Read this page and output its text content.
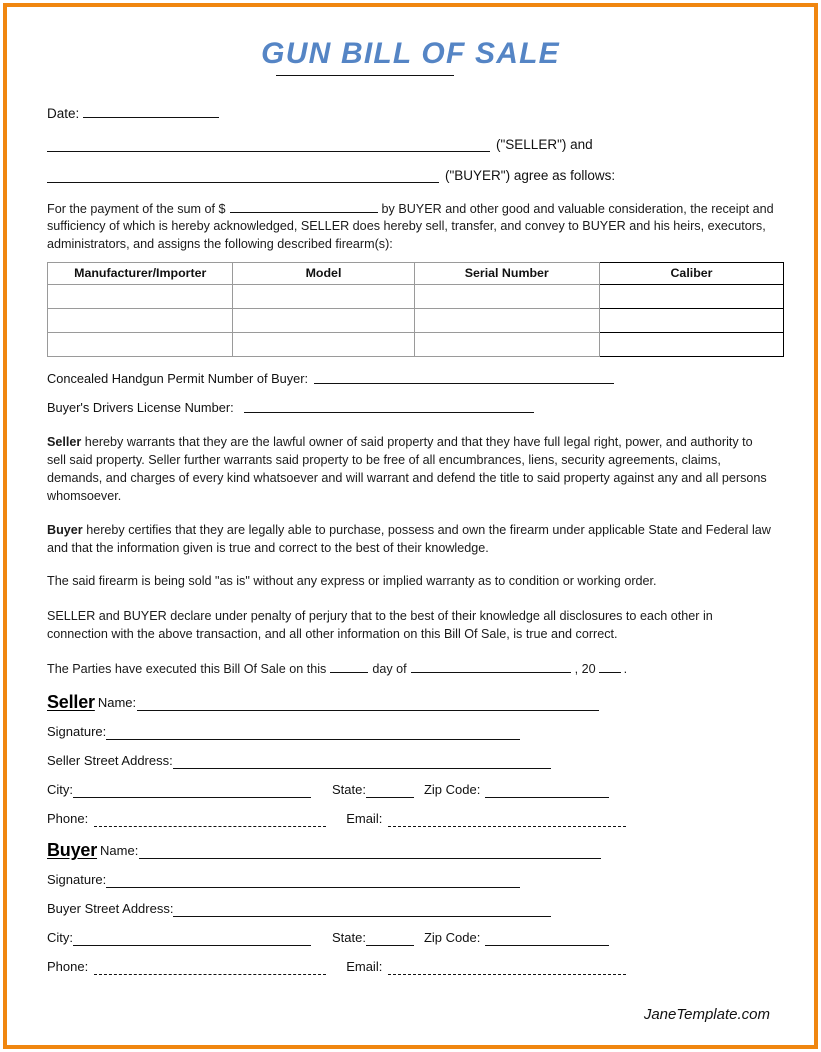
GUN BILL OF SALE
Date:
("SELLER") and
("BUYER") agree as follows:
For the payment of the sum of $	by BUYER and other good and valuable consideration, the receipt and sufficiency of which is hereby acknowledged, SELLER does hereby sell, transfer, and convey to BUYER and his heirs, executors, administrators, and assigns the following described firearm(s):
Manufacturer/Importer	Model	Serial Number	Caliber

Concealed Handgun Permit Number of Buyer:
Buyer's Drivers License Number:
Seller hereby warrants that they are the lawful owner of said property and that they have full legal right, power, and authority to sell said property. Seller further warrants said property to be free of all encumbrances, liens, security agreements, claims, demands, and charges of every kind whatsoever and will warrant and defend the title to said property against any and all persons whomsoever.
Buyer hereby certifies that they are legally able to purchase, possess and own the firearm under applicable State and Federal law and that the information given is true and correct to the best of their knowledge.
The said firearm is being sold "as is" without any express or implied warranty as to condition or working order.
SELLER and BUYER declare under penalty of perjury that to the best of their knowledge all disclosures to each other in connection with the above transaction, and all other information on this Bill Of Sale, is true and correct.
The Parties have executed this Bill Of Sale on this	day of	, 20 .
Seller Name:
Signature:
Seller Street Address:
City:	State:	Zip Code:
Phone:	Email:
Buyer Name:
Signature:
Buyer Street Address:
City:	State:	Zip Code:
Phone:	Email:
JaneTemplate.com
